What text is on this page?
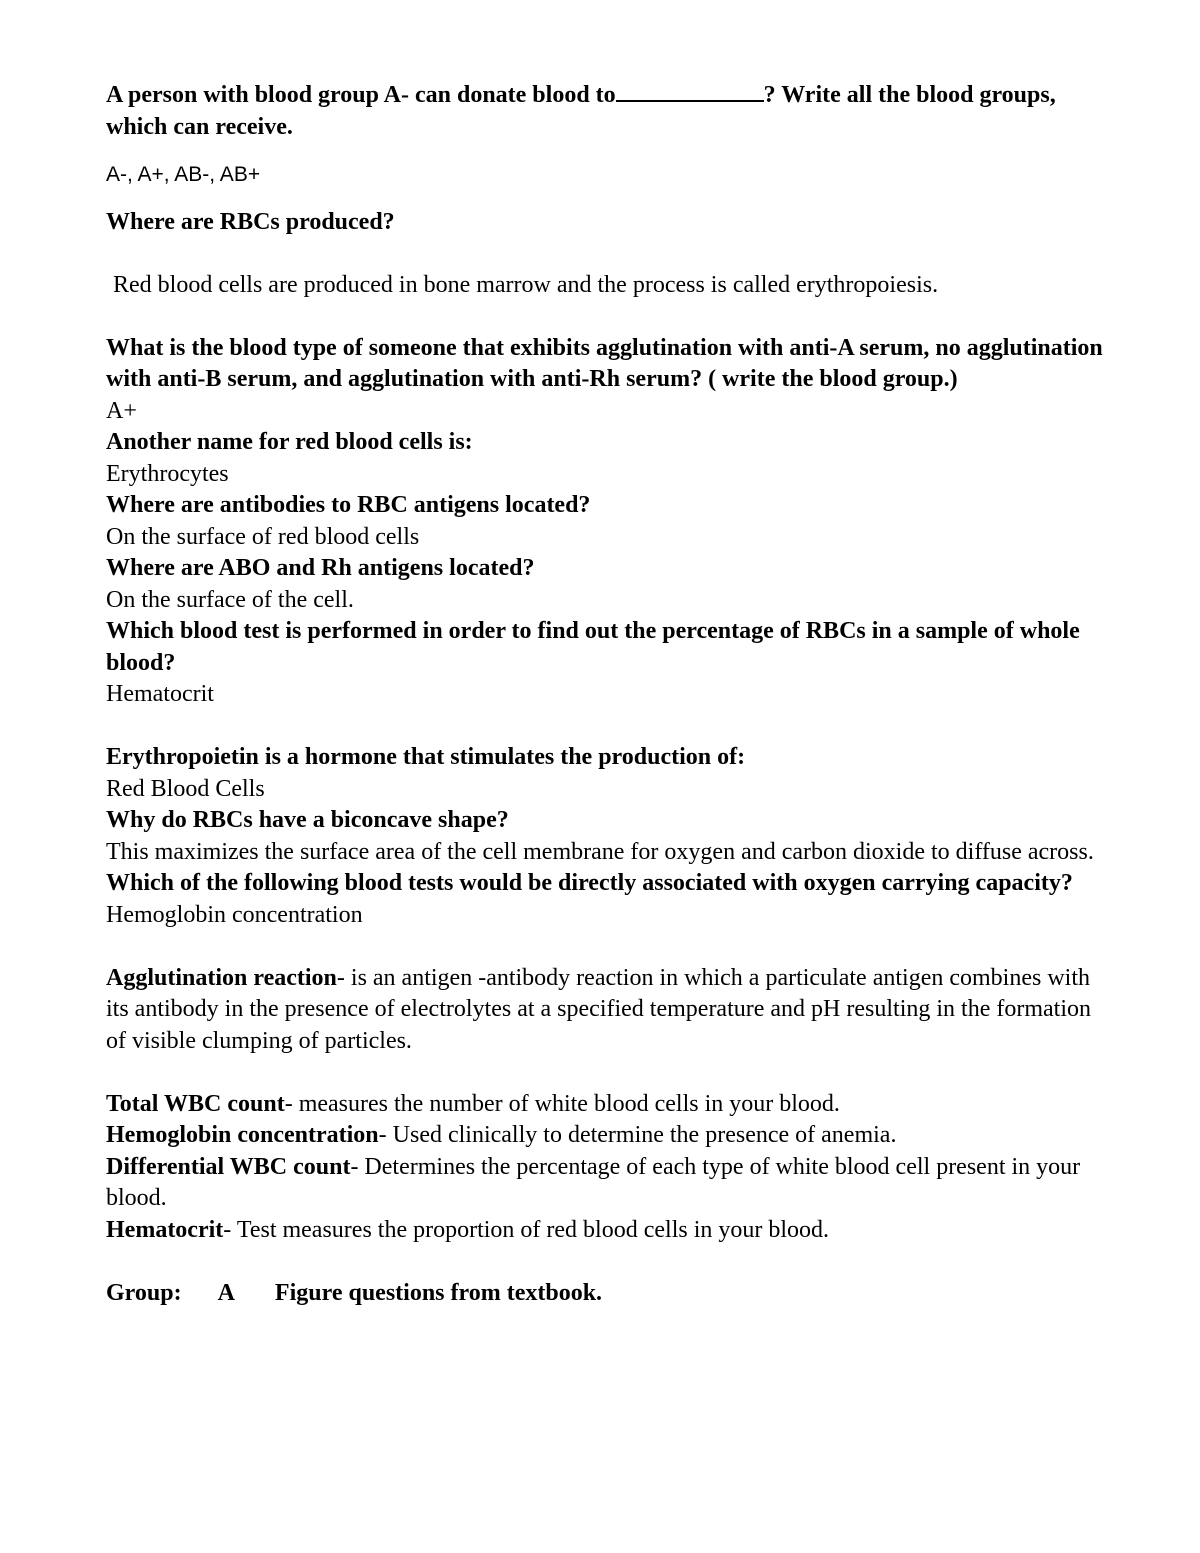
A person with blood group A- can donate blood to	? Write all the blood groups, which can receive.

A-, A+, AB-, AB+

Where are RBCs produced?

Red blood cells are produced in bone marrow and the process is called erythropoiesis.

What is the blood type of someone that exhibits agglutination with anti-A serum, no agglutination with anti-B serum, and agglutination with anti-Rh serum? ( write the blood group.)

A+

Another name for red blood cells is:

Erythrocytes

Where are antibodies to RBC antigens located?

On the surface of red blood cells

Where are ABO and Rh antigens located?

On the surface of the cell.

Which blood test is performed in order to find out the percentage of RBCs in a sample of whole blood?

Hematocrit

Erythropoietin is a hormone that stimulates the production of:

Red Blood Cells

Why do RBCs have a biconcave shape?

This maximizes the surface area of the cell membrane for oxygen and carbon dioxide to diffuse across.

Which of the following blood tests would be directly associated with oxygen carrying capacity?

Hemoglobin concentration

Agglutination reaction- is an antigen -antibody reaction in which a particulate antigen combines with its antibody in the presence of electrolytes at a specified temperature and pH resulting in the formation of visible clumping of particles.

Total WBC count- measures the number of white blood cells in your blood.

Hemoglobin concentration- Used clinically to determine the presence of anemia.

Differential WBC count- Determines the percentage of each type of white blood cell present in your blood.

Hematocrit- Test measures the proportion of red blood cells in your blood.

Group: A Figure questions from textbook.
